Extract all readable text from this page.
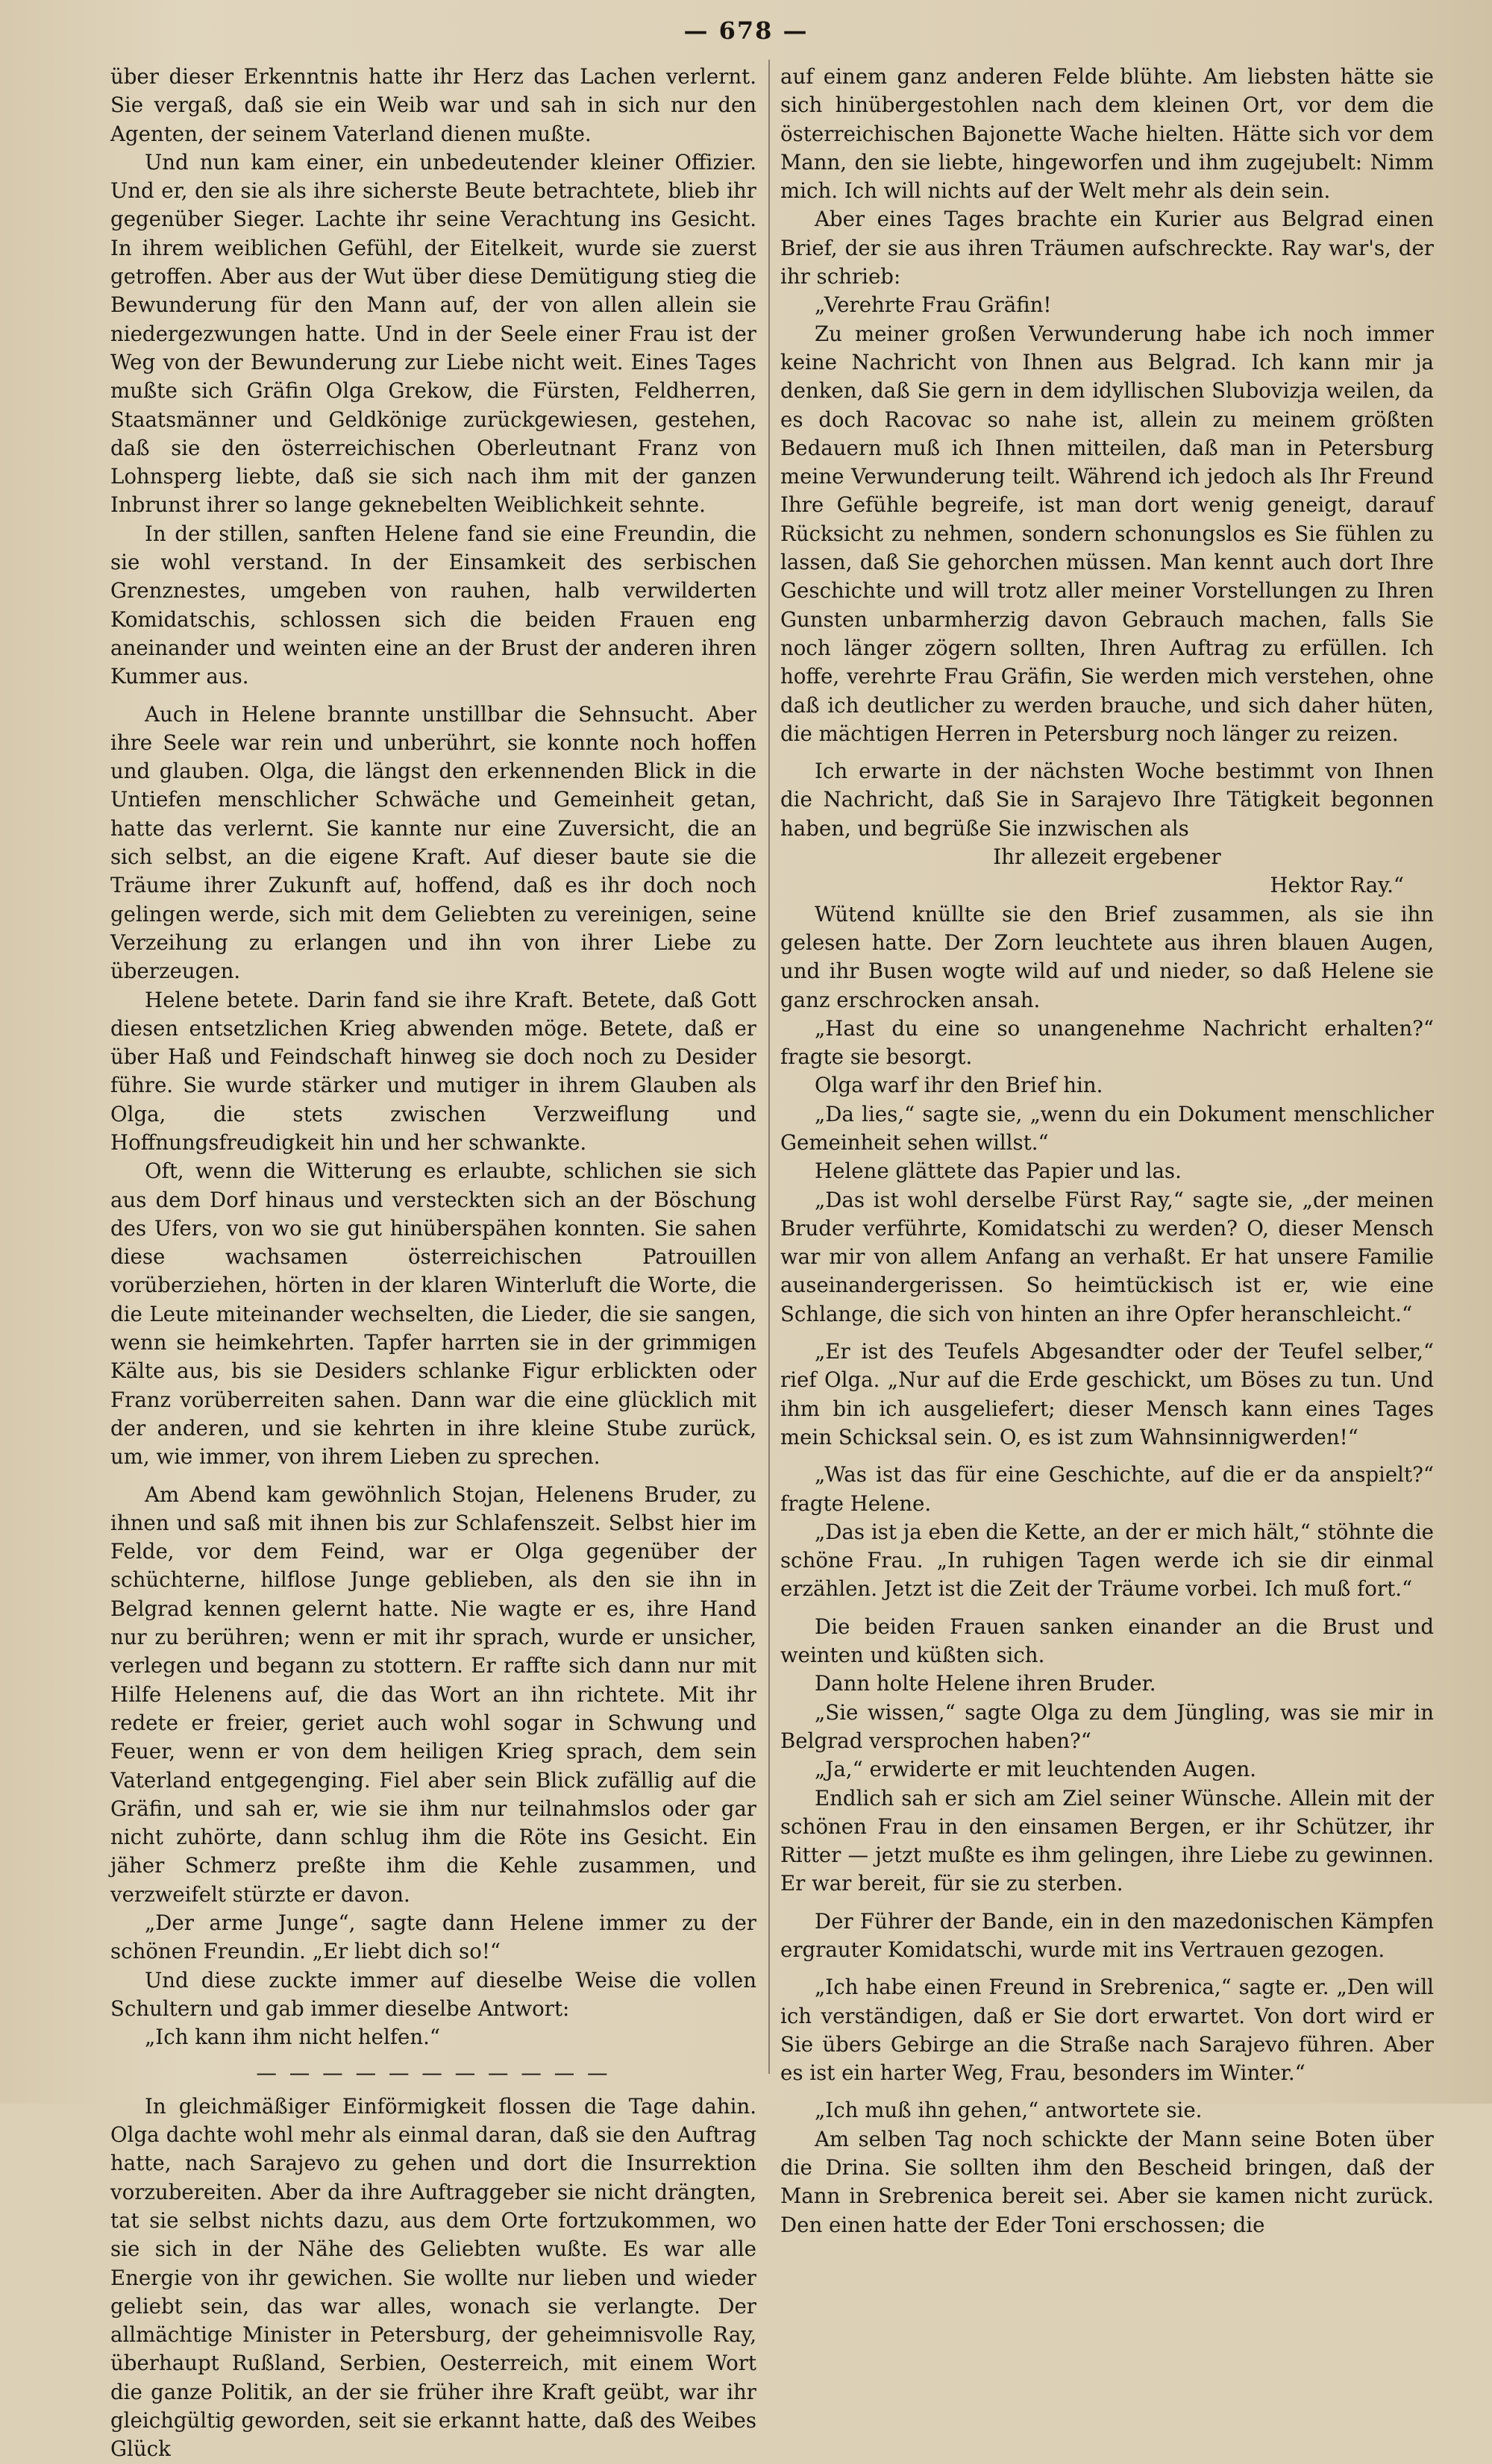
— 678 —

über dieser Erkenntnis hatte ihr Herz das Lachen verlernt. Sie vergaß, daß sie ein Weib war und sah in sich nur den Agenten, der seinem Vaterland dienen mußte.

Und nun kam einer, ein unbedeutender kleiner Offizier. Und er, den sie als ihre sicherste Beute betrachtete, blieb ihr gegenüber Sieger. Lachte ihr seine Verachtung ins Gesicht. In ihrem weiblichen Gefühl, der Eitelkeit, wurde sie zuerst getroffen. Aber aus der Wut über diese Demütigung stieg die Bewunderung für den Mann auf, der von allen allein sie niedergezwungen hatte. Und in der Seele einer Frau ist der Weg von der Bewunderung zur Liebe nicht weit. Eines Tages mußte sich Gräfin Olga Grekow, die Fürsten, Feldherren, Staatsmänner und Geldkönige zurückgewiesen, gestehen, daß sie den österreichischen Oberleutnant Franz von Lohnsperg liebte, daß sie sich nach ihm mit der ganzen Inbrunst ihrer so lange geknebelten Weiblichkeit sehnte.

In der stillen, sanften Helene fand sie eine Freundin, die sie wohl verstand. In der Einsamkeit des serbischen Grenznestes, umgeben von rauhen, halb verwilderten Komidatschis, schlossen sich die beiden Frauen eng aneinander und weinten eine an der Brust der anderen ihren Kummer aus.

Auch in Helene brannte unstillbar die Sehnsucht. Aber ihre Seele war rein und unberührt, sie konnte noch hoffen und glauben. Olga, die längst den erkennenden Blick in die Untiefen menschlicher Schwäche und Gemeinheit getan, hatte das verlernt. Sie kannte nur eine Zuversicht, die an sich selbst, an die eigene Kraft. Auf dieser baute sie die Träume ihrer Zukunft auf, hoffend, daß es ihr doch noch gelingen werde, sich mit dem Geliebten zu vereinigen, seine Verzeihung zu erlangen und ihn von ihrer Liebe zu überzeugen.

Helene betete. Darin fand sie ihre Kraft. Betete, daß Gott diesen entsetzlichen Krieg abwenden möge. Betete, daß er über Haß und Feindschaft hinweg sie doch noch zu Desider führe. Sie wurde stärker und mutiger in ihrem Glauben als Olga, die stets zwischen Verzweiflung und Hoffnungsfreudigkeit hin und her schwankte.

Oft, wenn die Witterung es erlaubte, schlichen sie sich aus dem Dorf hinaus und versteckten sich an der Böschung des Ufers, von wo sie gut hinüberspähen konnten. Sie sahen diese wachsamen österreichischen Patrouillen vorüberziehen, hörten in der klaren Winterluft die Worte, die die Leute miteinander wechselten, die Lieder, die sie sangen, wenn sie heimkehrten. Tapfer harrten sie in der grimmigen Kälte aus, bis sie Desiders schlanke Figur erblickten oder Franz vorüberreiten sahen. Dann war die eine glücklich mit der anderen, und sie kehrten in ihre kleine Stube zurück, um, wie immer, von ihrem Lieben zu sprechen.

Am Abend kam gewöhnlich Stojan, Helenens Bruder, zu ihnen und saß mit ihnen bis zur Schlafenszeit. Selbst hier im Felde, vor dem Feind, war er Olga gegenüber der schüchterne, hilflose Junge geblieben, als den sie ihn in Belgrad kennen gelernt hatte. Nie wagte er es, ihre Hand nur zu berühren; wenn er mit ihr sprach, wurde er unsicher, verlegen und begann zu stottern. Er raffte sich dann nur mit Hilfe Helenens auf, die das Wort an ihn richtete. Mit ihr redete er freier, geriet auch wohl sogar in Schwung und Feuer, wenn er von dem heiligen Krieg sprach, dem sein Vaterland entgegenging. Fiel aber sein Blick zufällig auf die Gräfin, und sah er, wie sie ihm nur teilnahmslos oder gar nicht zuhörte, dann schlug ihm die Röte ins Gesicht. Ein jäher Schmerz preßte ihm die Kehle zusammen, und verzweifelt stürzte er davon.

„Der arme Junge“, sagte dann Helene immer zu der schönen Freundin. „Er liebt dich so!“

Und diese zuckte immer auf dieselbe Weise die vollen Schultern und gab immer dieselbe Antwort:

„Ich kann ihm nicht helfen.“

— — — — — — — — — — —

In gleichmäßiger Einförmigkeit flossen die Tage dahin. Olga dachte wohl mehr als einmal daran, daß sie den Auftrag hatte, nach Sarajevo zu gehen und dort die Insurrektion vorzubereiten. Aber da ihre Auftraggeber sie nicht drängten, tat sie selbst nichts dazu, aus dem Orte fortzukommen, wo sie sich in der Nähe des Geliebten wußte. Es war alle Energie von ihr gewichen. Sie wollte nur lieben und wieder geliebt sein, das war alles, wonach sie verlangte. Der allmächtige Minister in Petersburg, der geheimnisvolle Ray, überhaupt Rußland, Serbien, Oesterreich, mit einem Wort die ganze Politik, an der sie früher ihre Kraft geübt, war ihr gleichgültig geworden, seit sie erkannt hatte, daß des Weibes Glück

auf einem ganz anderen Felde blühte. Am liebsten hätte sie sich hinübergestohlen nach dem kleinen Ort, vor dem die österreichischen Bajonette Wache hielten. Hätte sich vor dem Mann, den sie liebte, hingeworfen und ihm zugejubelt: Nimm mich. Ich will nichts auf der Welt mehr als dein sein.

Aber eines Tages brachte ein Kurier aus Belgrad einen Brief, der sie aus ihren Träumen aufschreckte. Ray war's, der ihr schrieb:

„Verehrte Frau Gräfin!

Zu meiner großen Verwunderung habe ich noch immer keine Nachricht von Ihnen aus Belgrad. Ich kann mir ja denken, daß Sie gern in dem idyllischen Slubovizja weilen, da es doch Racovac so nahe ist, allein zu meinem größten Bedauern muß ich Ihnen mitteilen, daß man in Petersburg meine Verwunderung teilt. Während ich jedoch als Ihr Freund Ihre Gefühle begreife, ist man dort wenig geneigt, darauf Rücksicht zu nehmen, sondern schonungslos es Sie fühlen zu lassen, daß Sie gehorchen müssen. Man kennt auch dort Ihre Geschichte und will trotz aller meiner Vorstellungen zu Ihren Gunsten unbarmherzig davon Gebrauch machen, falls Sie noch länger zögern sollten, Ihren Auftrag zu erfüllen. Ich hoffe, verehrte Frau Gräfin, Sie werden mich verstehen, ohne daß ich deutlicher zu werden brauche, und sich daher hüten, die mächtigen Herren in Petersburg noch länger zu reizen.

Ich erwarte in der nächsten Woche bestimmt von Ihnen die Nachricht, daß Sie in Sarajevo Ihre Tätigkeit begonnen haben, und begrüße Sie inzwischen als

Ihr allezeit ergebener

Hektor Ray.“

Wütend knüllte sie den Brief zusammen, als sie ihn gelesen hatte. Der Zorn leuchtete aus ihren blauen Augen, und ihr Busen wogte wild auf und nieder, so daß Helene sie ganz erschrocken ansah.

„Hast du eine so unangenehme Nachricht erhalten?“ fragte sie besorgt.

Olga warf ihr den Brief hin.

„Da lies,“ sagte sie, „wenn du ein Dokument menschlicher Gemeinheit sehen willst.“

Helene glättete das Papier und las.

„Das ist wohl derselbe Fürst Ray,“ sagte sie, „der meinen Bruder verführte, Komidatschi zu werden? O, dieser Mensch war mir von allem Anfang an verhaßt. Er hat unsere Familie auseinandergerissen. So heimtückisch ist er, wie eine Schlange, die sich von hinten an ihre Opfer heranschleicht.“

„Er ist des Teufels Abgesandter oder der Teufel selber,“ rief Olga. „Nur auf die Erde geschickt, um Böses zu tun. Und ihm bin ich ausgeliefert; dieser Mensch kann eines Tages mein Schicksal sein. O, es ist zum Wahnsinnigwerden!“

„Was ist das für eine Geschichte, auf die er da anspielt?“ fragte Helene.

„Das ist ja eben die Kette, an der er mich hält,“ stöhnte die schöne Frau. „In ruhigen Tagen werde ich sie dir einmal erzählen. Jetzt ist die Zeit der Träume vorbei. Ich muß fort.“

Die beiden Frauen sanken einander an die Brust und weinten und küßten sich.

Dann holte Helene ihren Bruder.

„Sie wissen,“ sagte Olga zu dem Jüngling, was sie mir in Belgrad versprochen haben?“

„Ja,“ erwiderte er mit leuchtenden Augen.

Endlich sah er sich am Ziel seiner Wünsche. Allein mit der schönen Frau in den einsamen Bergen, er ihr Schützer, ihr Ritter — jetzt mußte es ihm gelingen, ihre Liebe zu gewinnen. Er war bereit, für sie zu sterben.

Der Führer der Bande, ein in den mazedonischen Kämpfen ergrauter Komidatschi, wurde mit ins Vertrauen gezogen.

„Ich habe einen Freund in Srebrenica,“ sagte er. „Den will ich verständigen, daß er Sie dort erwartet. Von dort wird er Sie übers Gebirge an die Straße nach Sarajevo führen. Aber es ist ein harter Weg, Frau, besonders im Winter.“

„Ich muß ihn gehen,“ antwortete sie.

Am selben Tag noch schickte der Mann seine Boten über die Drina. Sie sollten ihm den Bescheid bringen, daß der Mann in Srebrenica bereit sei. Aber sie kamen nicht zurück. Den einen hatte der Eder Toni erschossen; die
